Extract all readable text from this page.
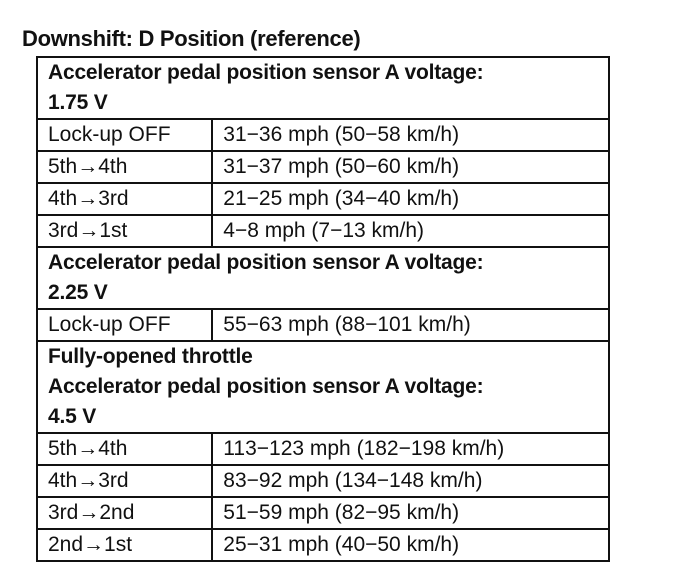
Downshift: D Position (reference)
Accelerator pedal position sensor A voltage:
1.75 V	

Lock-up OFF	31−36 mph (50−58 km/h)
5th→4th	31−37 mph (50−60 km/h)
4th→3rd	21−25 mph (34−40 km/h)
3rd→1st	4−8 mph (7−13 km/h)

Accelerator pedal position sensor A voltage:
2.25 V	

Lock-up OFF	55−63 mph (88−101 km/h)

Fully-opened throttle
Accelerator pedal position sensor A voltage:
4.5 V	

5th→4th	113−123 mph (182−198 km/h)
4th→3rd	83−92 mph (134−148 km/h)
3rd→2nd	51−59 mph (82−95 km/h)
2nd→1st	25−31 mph (40−50 km/h)
